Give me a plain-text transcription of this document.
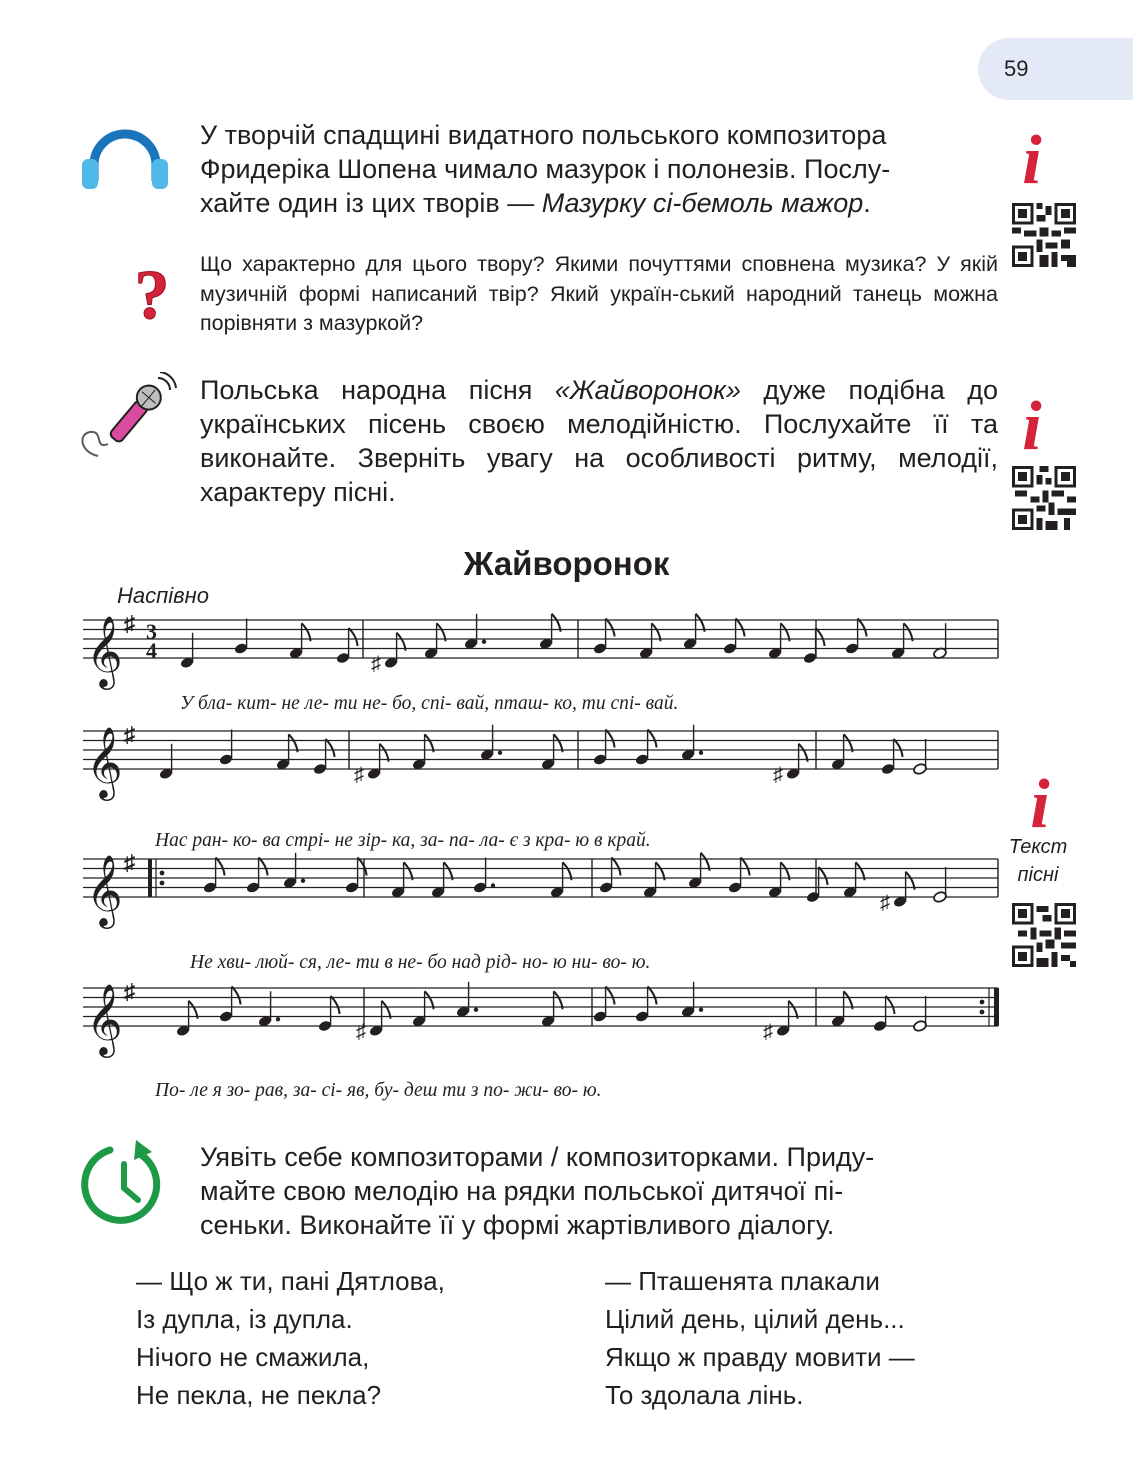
59

У творчій спадщині видатного польського композитора
Фридеріка Шопена чимало мазурок і полонезів. Послу-
хайте один із цих творів — Мазурку сі-бемоль мажор.

i
? Що характерно для цього твору? Якими почуттями сповнена музика? У якій музичній формі написаний твір? Який україн-ський народний танець можна порівняти з мазуркой?

Польська народна пісня «Жайворонок» дуже подібна до українських пісень своєю мелодійністю. Послухайте її та виконайте. Зверніть увагу на особливості ритму, мелодії, характеру пісні.

i
Жайворонок
Наспівно
𝄞
𝄞
𝄞
𝄞
♯
♯
♯
♯
3
4
♯
♯	♯
♯
♯	♯
У бла- кит- не ле- ти не- бо, спі- вай, пташ- ко, ти спі- вай.
Нас ран- ко- ва стрі- не зір- ка, за- па- ла- є з кра- ю в край.
Не хви- люй- ся, ле- ти в не- бо над рід- но- ю ни- во- ю.
По- ле я зо- рав, за- сі- яв, бу- деш ти з по- жи- во- ю.
i
Текст
пісні

Уявіть себе композиторами / композиторками. Приду-
майте свою мелодію на рядки польської дитячої пі-
сеньки. Виконайте її у формі жартівливого діалогу.

— Що ж ти, пані Дятлова,
Із дупла, із дупла.
Нічого не смажила,
Не пекла, не пекла?
— Пташенята плакали
Цілий день, цілий день...
Якщо ж правду мовити —
То здолала лінь.
